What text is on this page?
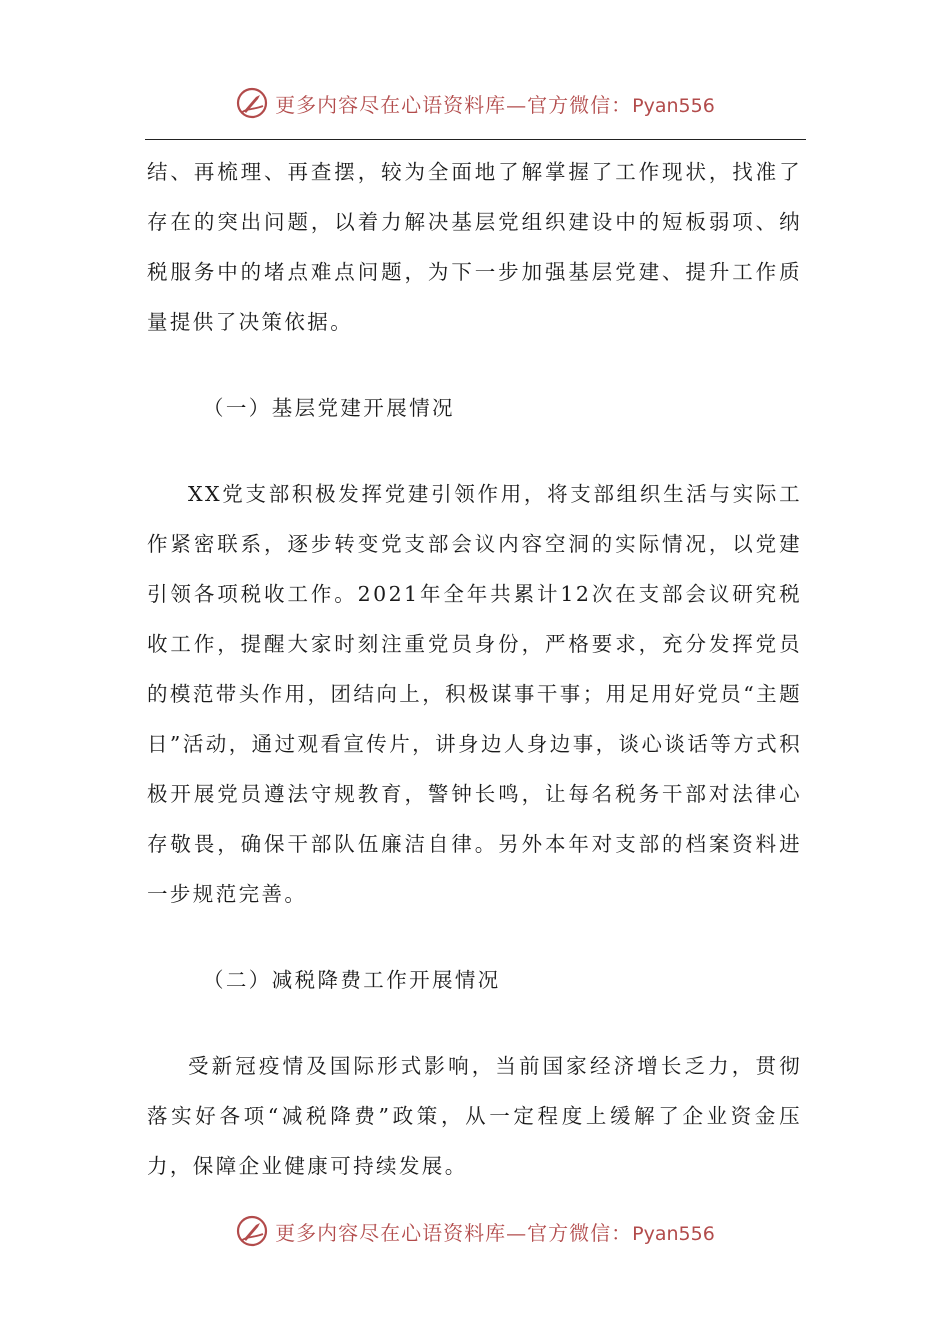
更多内容尽在心语资料库—官方微信：Pyan556

结、再梳理、再查摆，较为全面地了解掌握了工作现状，找准了存在的突出问题，以着力解决基层党组织建设中的短板弱项、纳税服务中的堵点难点问题，为下一步加强基层党建、提升工作质量提供了决策依据。

（一）基层党建开展情况

XX党支部积极发挥党建引领作用，将支部组织生活与实际工作紧密联系，逐步转变党支部会议内容空洞的实际情况，以党建引领各项税收工作。2021年全年共累计12次在支部会议研究税收工作，提醒大家时刻注重党员身份，严格要求，充分发挥党员的模范带头作用，团结向上，积极谋事干事；用足用好党员“主题日”活动，通过观看宣传片，讲身边人身边事，谈心谈话等方式积极开展党员遵法守规教育，警钟长鸣，让每名税务干部对法律心存敬畏，确保干部队伍廉洁自律。另外本年对支部的档案资料进一步规范完善。

（二）减税降费工作开展情况

受新冠疫情及国际形式影响，当前国家经济增长乏力，贯彻落实好各项“减税降费”政策，从一定程度上缓解了企业资金压力，保障企业健康可持续发展。

更多内容尽在心语资料库—官方微信：Pyan556
